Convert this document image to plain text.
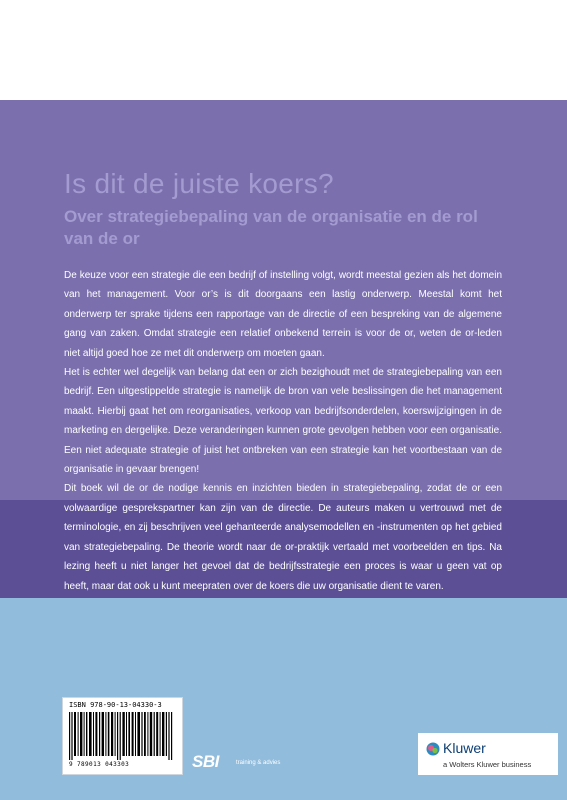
Is dit de juiste koers?
Over strategiebepaling van de organisatie en de rol van de or

De keuze voor een strategie die een bedrijf of instelling volgt, wordt meestal gezien als het domein van het management. Voor or’s is dit doorgaans een lastig onderwerp. Meestal komt het onderwerp ter sprake tijdens een rapportage van de directie of een bespreking van de algemene gang van zaken. Omdat strategie een relatief onbekend terrein is voor de or, weten de or-leden niet altijd goed hoe ze met dit onderwerp om moeten gaan.

Het is echter wel degelijk van belang dat een or zich bezighoudt met de strategiebepaling van een bedrijf. Een uitgestippelde strategie is namelijk de bron van vele beslissingen die het management maakt. Hierbij gaat het om reorganisaties, verkoop van bedrijfsonderdelen, koerswijzigingen in de marketing en dergelijke. Deze veranderingen kunnen grote gevolgen hebben voor een organisatie. Een niet adequate strategie of juist het ontbreken van een strategie kan het voortbestaan van de organisatie in gevaar brengen!

Dit boek wil de or de nodige kennis en inzichten bieden in strategiebepaling, zodat de or een volwaardige gesprekspartner kan zijn van de directie. De auteurs maken u vertrouwd met de terminologie, en zij beschrijven veel gehanteerde analysemodellen en -instrumenten op het gebied van strategiebepaling. De theorie wordt naar de or-praktijk vertaald met voorbeelden en tips. Na lezing heeft u niet langer het gevoel dat de bedrijfsstrategie een proces is waar u geen vat op heeft, maar dat ook u kunt meepraten over de koers die uw organisatie dient te varen.

ISBN 978-90-13-04330-3
9 789013 043303	SBI	training & advies
Kluwer
a Wolters Kluwer business
